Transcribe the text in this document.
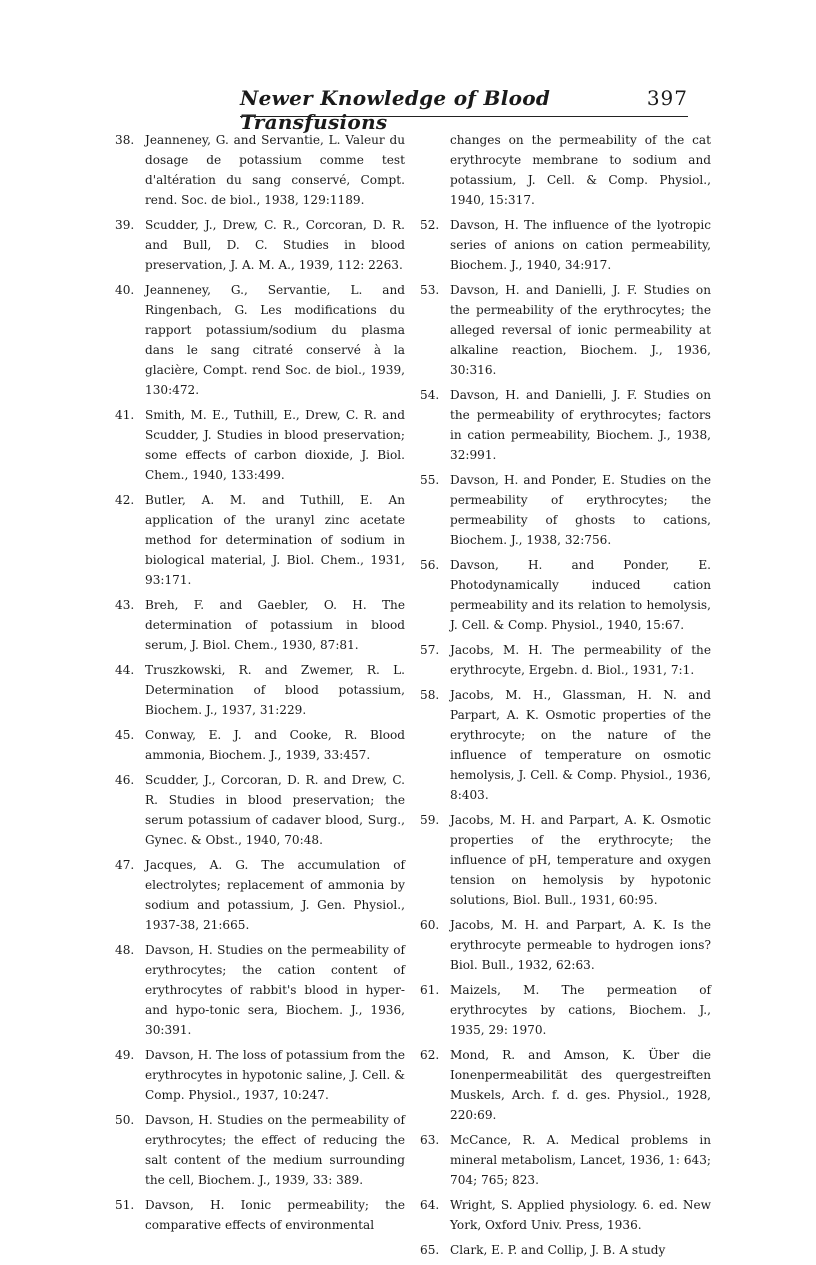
Newer Knowledge of Blood Transfusions
397
38. Jeanneney, G. and Servantie, L. Valeur du dosage de potassium comme test d'altération du sang conservé, Compt. rend. Soc. de biol., 1938, 129:1189.
39. Scudder, J., Drew, C. R., Corcoran, D. R. and Bull, D. C. Studies in blood preservation, J. A. M. A., 1939, 112: 2263.
40. Jeanneney, G., Servantie, L. and Ringenbach, G. Les modifications du rapport potassium/sodium du plasma dans le sang citraté conservé à la glacière, Compt. rend Soc. de biol., 1939, 130:472.
41. Smith, M. E., Tuthill, E., Drew, C. R. and Scudder, J. Studies in blood preservation; some effects of carbon dioxide, J. Biol. Chem., 1940, 133:499.
42. Butler, A. M. and Tuthill, E. An application of the uranyl zinc acetate method for determination of sodium in biological material, J. Biol. Chem., 1931, 93:171.
43. Breh, F. and Gaebler, O. H. The determination of potassium in blood serum, J. Biol. Chem., 1930, 87:81.
44. Truszkowski, R. and Zwemer, R. L. Determination of blood potassium, Biochem. J., 1937, 31:229.
45. Conway, E. J. and Cooke, R. Blood ammonia, Biochem. J., 1939, 33:457.
46. Scudder, J., Corcoran, D. R. and Drew, C. R. Studies in blood preservation; the serum potassium of cadaver blood, Surg., Gynec. & Obst., 1940, 70:48.
47. Jacques, A. G. The accumulation of electrolytes; replacement of ammonia by sodium and potassium, J. Gen. Physiol., 1937-38, 21:665.
48. Davson, H. Studies on the permeability of erythrocytes; the cation content of erythrocytes of rabbit's blood in hyper- and hypo-tonic sera, Biochem. J., 1936, 30:391.
49. Davson, H. The loss of potassium from the erythrocytes in hypotonic saline, J. Cell. & Comp. Physiol., 1937, 10:247.
50. Davson, H. Studies on the permeability of erythrocytes; the effect of reducing the salt content of the medium surrounding the cell, Biochem. J., 1939, 33: 389.
51. Davson, H. Ionic permeability; the comparative effects of environmental
changes on the permeability of the cat erythrocyte membrane to sodium and potassium, J. Cell. & Comp. Physiol., 1940, 15:317.
52. Davson, H. The influence of the lyotropic series of anions on cation permeability, Biochem. J., 1940, 34:917.
53. Davson, H. and Danielli, J. F. Studies on the permeability of the erythrocytes; the alleged reversal of ionic permeability at alkaline reaction, Biochem. J., 1936, 30:316.
54. Davson, H. and Danielli, J. F. Studies on the permeability of erythrocytes; factors in cation permeability, Biochem. J., 1938, 32:991.
55. Davson, H. and Ponder, E. Studies on the permeability of erythrocytes; the permeability of ghosts to cations, Biochem. J., 1938, 32:756.
56. Davson, H. and Ponder, E. Photodynamically induced cation permeability and its relation to hemolysis, J. Cell. & Comp. Physiol., 1940, 15:67.
57. Jacobs, M. H. The permeability of the erythrocyte, Ergebn. d. Biol., 1931, 7:1.
58. Jacobs, M. H., Glassman, H. N. and Parpart, A. K. Osmotic properties of the erythrocyte; on the nature of the influence of temperature on osmotic hemolysis, J. Cell. & Comp. Physiol., 1936, 8:403.
59. Jacobs, M. H. and Parpart, A. K. Osmotic properties of the erythrocyte; the influence of pH, temperature and oxygen tension on hemolysis by hypotonic solutions, Biol. Bull., 1931, 60:95.
60. Jacobs, M. H. and Parpart, A. K. Is the erythrocyte permeable to hydrogen ions? Biol. Bull., 1932, 62:63.
61. Maizels, M. The permeation of erythrocytes by cations, Biochem. J., 1935, 29: 1970.
62. Mond, R. and Amson, K. Über die Ionenpermeabilität des quergestreiften Muskels, Arch. f. d. ges. Physiol., 1928, 220:69.
63. McCance, R. A. Medical problems in mineral metabolism, Lancet, 1936, 1: 643; 704; 765; 823.
64. Wright, S. Applied physiology. 6. ed. New York, Oxford Univ. Press, 1936.
65. Clark, E. P. and Collip, J. B. A study
